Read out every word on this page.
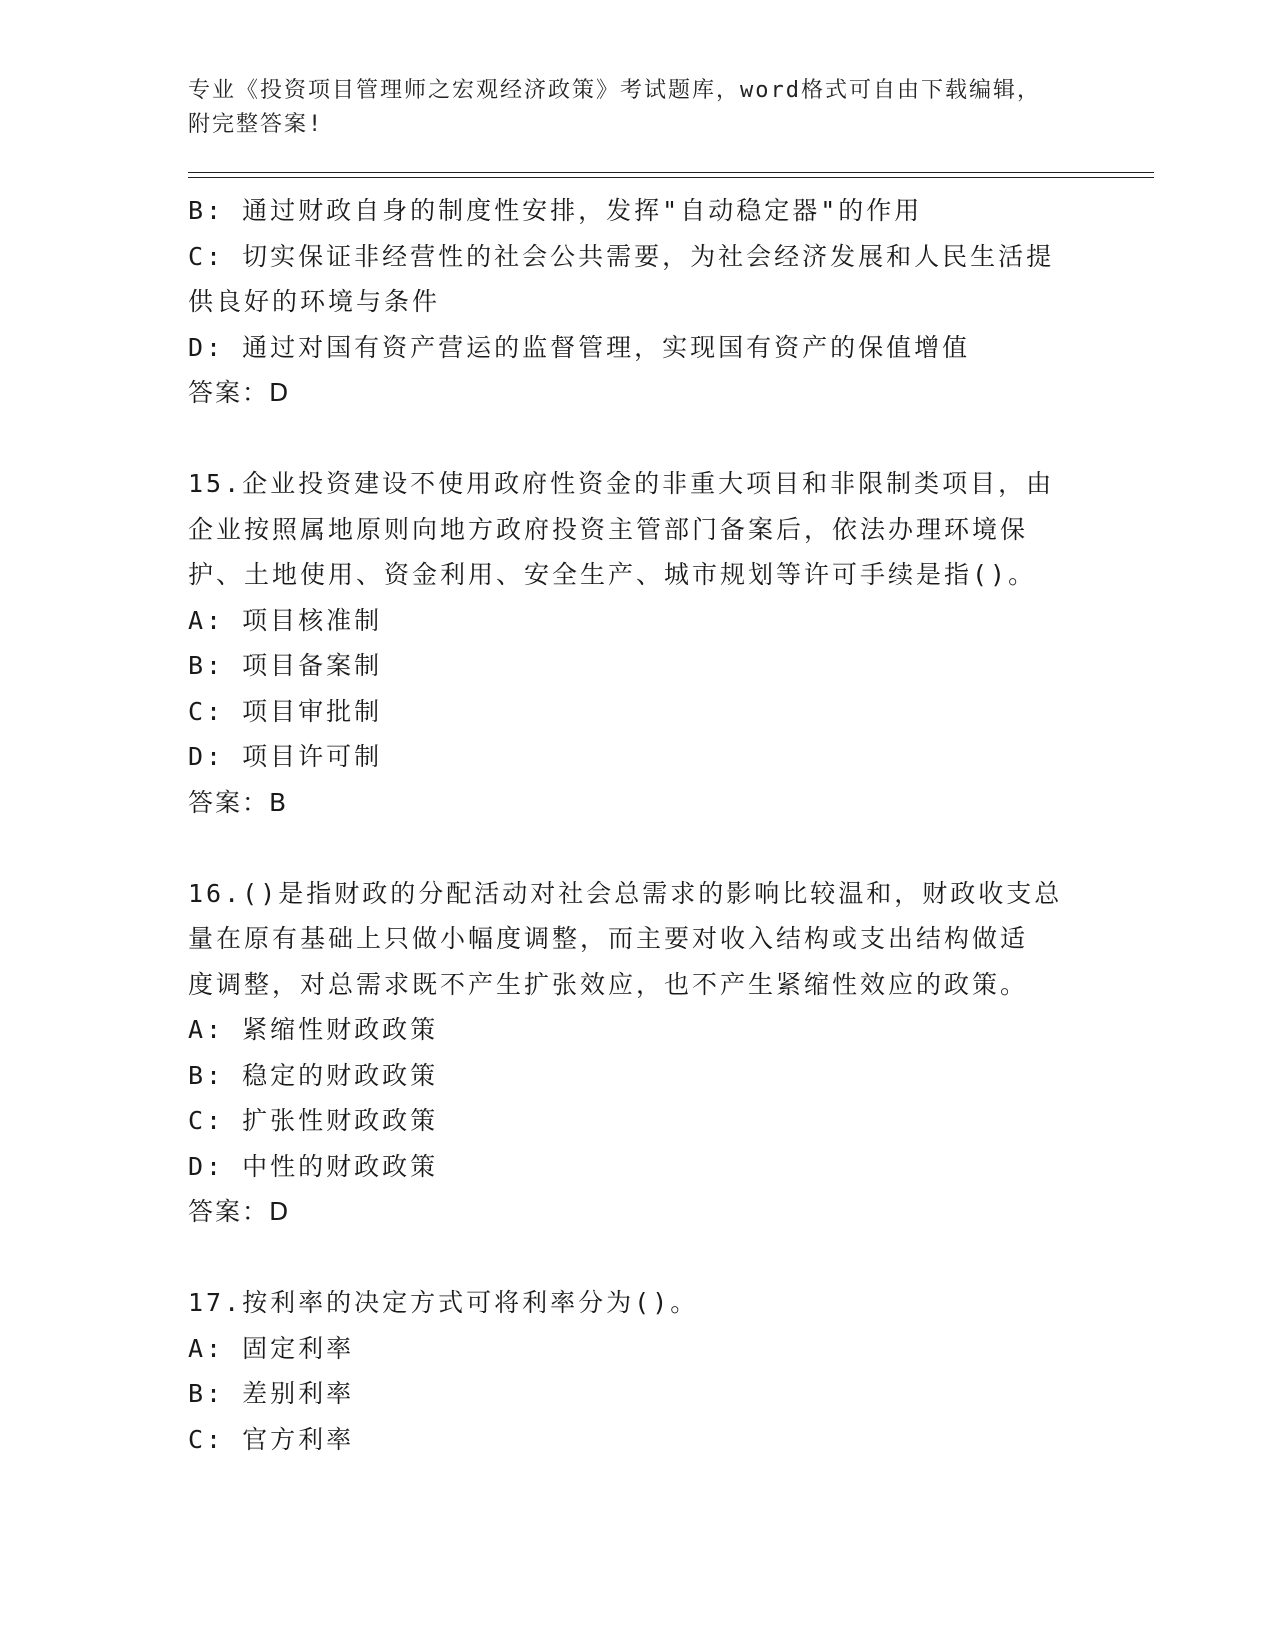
专业《投资项目管理师之宏观经济政策》考试题库，word格式可自由下载编辑，
附完整答案!
B: 通过财政自身的制度性安排，发挥"自动稳定器"的作用
C: 切实保证非经营性的社会公共需要，为社会经济发展和人民生活提
供良好的环境与条件
D: 通过对国有资产营运的监督管理，实现国有资产的保值增值
答案：D
15.企业投资建设不使用政府性资金的非重大项目和非限制类项目，由
企业按照属地原则向地方政府投资主管部门备案后，依法办理环境保
护、土地使用、资金利用、安全生产、城市规划等许可手续是指()。
A: 项目核准制
B: 项目备案制
C: 项目审批制
D: 项目许可制
答案：B
16.()是指财政的分配活动对社会总需求的影响比较温和，财政收支总
量在原有基础上只做小幅度调整，而主要对收入结构或支出结构做适
度调整，对总需求既不产生扩张效应，也不产生紧缩性效应的政策。
A: 紧缩性财政政策
B: 稳定的财政政策
C: 扩张性财政政策
D: 中性的财政政策
答案：D
17.按利率的决定方式可将利率分为()。
A: 固定利率
B: 差别利率
C: 官方利率
